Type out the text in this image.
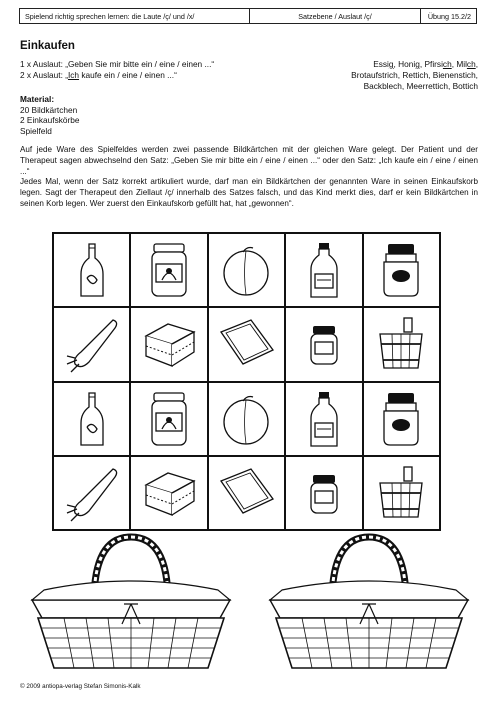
Spielend richtig sprechen lernen: die Laute /ç/ und /x/	Satzebene / Auslaut /ç/	Übung 15.2/2
Einkaufen
1 x Auslaut: „Geben Sie mir bitte ein / eine / einen ...“
2 x Auslaut: „Ich kaufe ein / eine / einen ...“
Essig, Honig, Pfirsich, Milch,
Brotaufstrich, Rettich, Bienenstich,
Backblech, Meerrettich, Bottich
Material:
20 Bildkärtchen
2 Einkaufskörbe
Spielfeld

Auf jede Ware des Spielfeldes werden zwei passende Bildkärtchen mit der gleichen Ware gelegt. Der Patient und der Therapeut sagen abwechselnd den Satz: „Geben Sie mir bitte ein / eine / einen ...“ oder den Satz: „Ich kaufe ein / eine / einen ...“

Jedes Mal, wenn der Satz korrekt artikuliert wurde, darf man ein Bildkärtchen der genannten Ware in seinen Einkaufskorb legen. Sagt der Therapeut den Ziellaut /ç/ innerhalb des Satzes falsch, und das Kind merkt dies, darf er kein Bildkärtchen in seinen Korb legen. Wer zuerst den Einkaufskorb gefüllt hat, hat „gewonnen“.

© 2009 antiopa-verlag Stefan Simonis-Kalk
